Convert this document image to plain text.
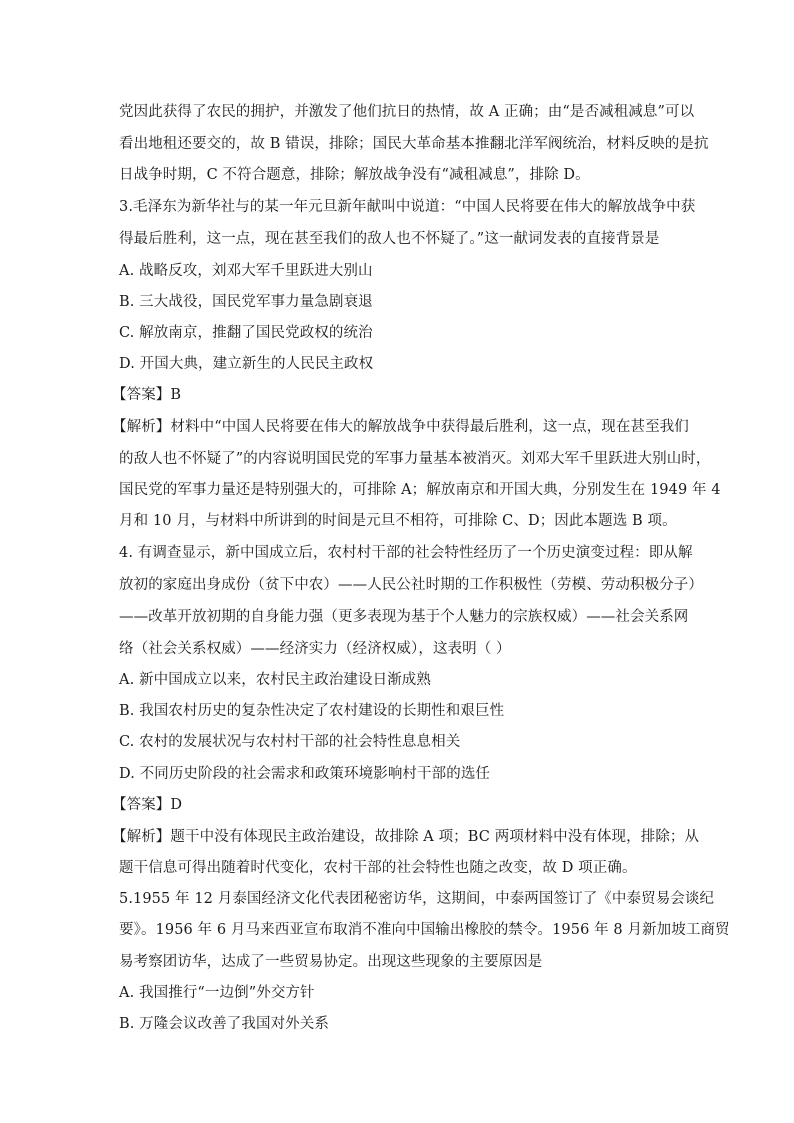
党因此获得了农民的拥护，并激发了他们抗日的热情，故 A 正确；由“是否减租减息”可以
看出地租还要交的，故 B 错误，排除；国民大革命基本推翻北洋军阀统治，材料反映的是抗
日战争时期，C 不符合题意，排除；解放战争没有“减租减息”，排除 D。
3.毛泽东为新华社与的某一年元旦新年献叫中说道：“中国人民将要在伟大的解放战争中获
得最后胜利，这一点，现在甚至我们的敌人也不怀疑了。”这一献词发表的直接背景是
A. 战略反攻，刘邓大军千里跃进大别山
B. 三大战役，国民党军事力量急剧衰退
C. 解放南京，推翻了国民党政权的统治
D. 开国大典，建立新生的人民民主政权
【答案】B
【解析】材料中“中国人民将要在伟大的解放战争中获得最后胜利，这一点，现在甚至我们
的敌人也不怀疑了”的内容说明国民党的军事力量基本被消灭。刘邓大军千里跃进大别山时，
国民党的军事力量还是特别强大的，可排除 A；解放南京和开国大典，分别发生在 1949 年 4
月和 10 月，与材料中所讲到的时间是元旦不相符，可排除 C、D；因此本题选 B 项。
4. 有调查显示，新中国成立后，农村村干部的社会特性经历了一个历史演变过程：即从解
放初的家庭出身成份（贫下中农）——人民公社时期的工作积极性（劳模、劳动积极分子）
——改革开放初期的自身能力强（更多表现为基于个人魅力的宗族权威）——社会关系网
络（社会关系权威）——经济实力（经济权威），这表明（ ）
A. 新中国成立以来，农村民主政治建设日渐成熟
B. 我国农村历史的复杂性决定了农村建设的长期性和艰巨性
C. 农村的发展状况与农村村干部的社会特性息息相关
D. 不同历史阶段的社会需求和政策环境影响村干部的选任
【答案】D
【解析】题干中没有体现民主政治建设，故排除 A 项；BC 两项材料中没有体现，排除；从
题干信息可得出随着时代变化，农村干部的社会特性也随之改变，故 D 项正确。
5.1955 年 12 月泰国经济文化代表团秘密访华，这期间，中泰两国签订了《中泰贸易会谈纪
要》。1956 年 6 月马来西亚宣布取消不准向中国输出橡胶的禁令。1956 年 8 月新加坡工商贸
易考察团访华，达成了一些贸易协定。出现这些现象的主要原因是
A. 我国推行“一边倒”外交方针
B. 万隆会议改善了我国对外关系
